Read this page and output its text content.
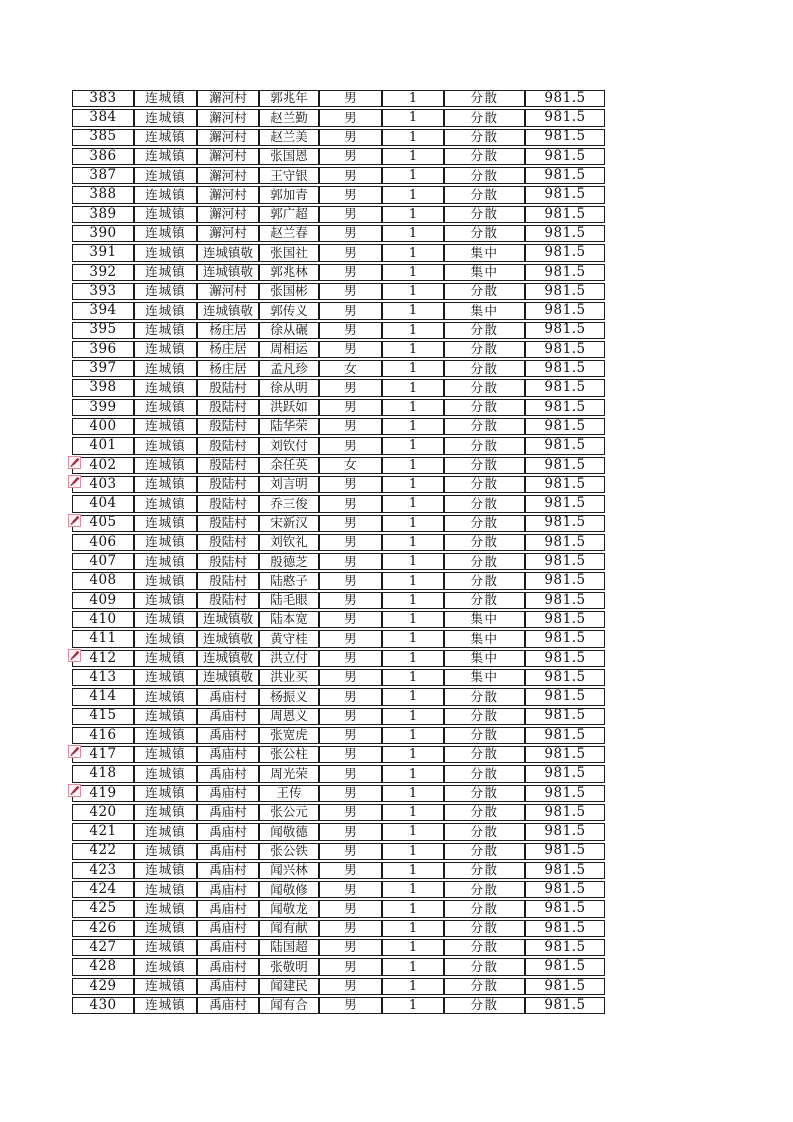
383	连城镇	澥河村	郭兆年	男	1	分散	981.5
384	连城镇	澥河村	赵兰勤	男	1	分散	981.5
385	连城镇	澥河村	赵兰美	男	1	分散	981.5
386	连城镇	澥河村	张国恩	男	1	分散	981.5
387	连城镇	澥河村	王守银	男	1	分散	981.5
388	连城镇	澥河村	郭加青	男	1	分散	981.5
389	连城镇	澥河村	郭广超	男	1	分散	981.5
390	连城镇	澥河村	赵兰春	男	1	分散	981.5
391	连城镇	连城镇敬	张国社	男	1	集中	981.5
392	连城镇	连城镇敬	郭兆林	男	1	集中	981.5
393	连城镇	澥河村	张国彬	男	1	分散	981.5
394	连城镇	连城镇敬	郭传义	男	1	集中	981.5
395	连城镇	杨庄居	徐从碾	男	1	分散	981.5
396	连城镇	杨庄居	周相运	男	1	分散	981.5
397	连城镇	杨庄居	孟凡珍	女	1	分散	981.5
398	连城镇	殷陆村	徐从明	男	1	分散	981.5
399	连城镇	殷陆村	洪跃如	男	1	分散	981.5
400	连城镇	殷陆村	陆华荣	男	1	分散	981.5
401	连城镇	殷陆村	刘钦付	男	1	分散	981.5
402	连城镇	殷陆村	余任英	女	1	分散	981.5
403	连城镇	殷陆村	刘言明	男	1	分散	981.5
404	连城镇	殷陆村	乔三俊	男	1	分散	981.5
405	连城镇	殷陆村	宋新汉	男	1	分散	981.5
406	连城镇	殷陆村	刘钦礼	男	1	分散	981.5
407	连城镇	殷陆村	殷德芝	男	1	分散	981.5
408	连城镇	殷陆村	陆憨子	男	1	分散	981.5
409	连城镇	殷陆村	陆毛眼	男	1	分散	981.5
410	连城镇	连城镇敬	陆本宽	男	1	集中	981.5
411	连城镇	连城镇敬	黄守桂	男	1	集中	981.5
412	连城镇	连城镇敬	洪立付	男	1	集中	981.5
413	连城镇	连城镇敬	洪业买	男	1	集中	981.5
414	连城镇	禹庙村	杨振义	男	1	分散	981.5
415	连城镇	禹庙村	周恩义	男	1	分散	981.5
416	连城镇	禹庙村	张宽虎	男	1	分散	981.5
417	连城镇	禹庙村	张公柱	男	1	分散	981.5
418	连城镇	禹庙村	周光荣	男	1	分散	981.5
419	连城镇	禹庙村	王传	男	1	分散	981.5
420	连城镇	禹庙村	张公元	男	1	分散	981.5
421	连城镇	禹庙村	闻敬德	男	1	分散	981.5
422	连城镇	禹庙村	张公铁	男	1	分散	981.5
423	连城镇	禹庙村	闻兴林	男	1	分散	981.5
424	连城镇	禹庙村	闻敬修	男	1	分散	981.5
425	连城镇	禹庙村	闻敬龙	男	1	分散	981.5
426	连城镇	禹庙村	闻有献	男	1	分散	981.5
427	连城镇	禹庙村	陆国超	男	1	分散	981.5
428	连城镇	禹庙村	张敬明	男	1	分散	981.5
429	连城镇	禹庙村	闻建民	男	1	分散	981.5
430	连城镇	禹庙村	闻有合	男	1	分散	981.5
